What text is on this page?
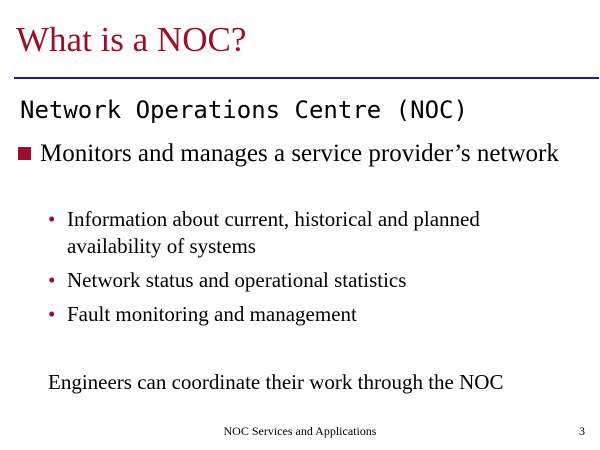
What is a NOC?
Network Operations Centre (NOC)

Monitors and manages a service provider’s network

• Information about current, historical and planned availability of systems
• Network status and operational statistics
• Fault monitoring and management
Engineers can coordinate their work through the NOC
NOC Services and Applications	3
